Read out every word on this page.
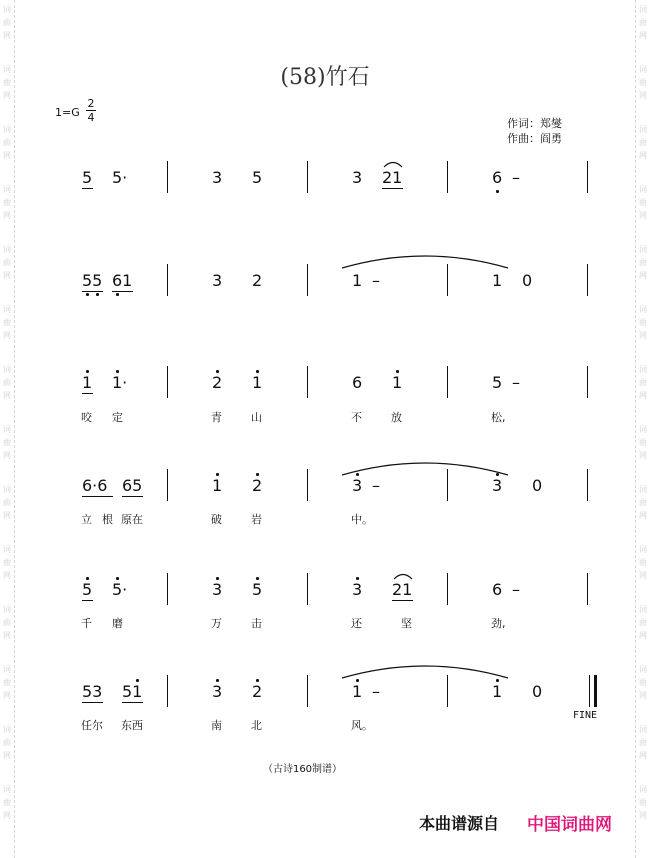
词
曲
网
词
曲
网
词
曲
网
词
曲
网
词
曲
网
词
曲
网
词
曲
网
词
曲
网
词
曲
网
词
曲
网
词
曲
网
词
曲
网
词
曲
网
词
曲
网
词
曲
网
词
曲
网
词
曲
网
词
曲
网
词
曲
网
词
曲
网
词
曲
网
词
曲
网
词
曲
网
词
曲
网
词
曲
网
词
曲
网
词
曲
网
词
曲
网
(58)竹石
1=G
2
4	作词：郑燮
作曲：阎勇
5 5·	3 5	3 21	6 –
55 61	3 2	1 –	1 0
1 1·	2 1	6 1	5 –
咬 定	青	山	不	放	松,
6·6 65	1 2	3 –	3 0
立 根 原在	破	岩	中。
5 5·	3 5	3 21	6 –
千 磨	万	击	还	坚	劲,
53 51	3 2	1 –	1 0
FINE
任尔 东西	南	北	风。
（古诗160制谱）
本曲谱源自 中国词曲网
